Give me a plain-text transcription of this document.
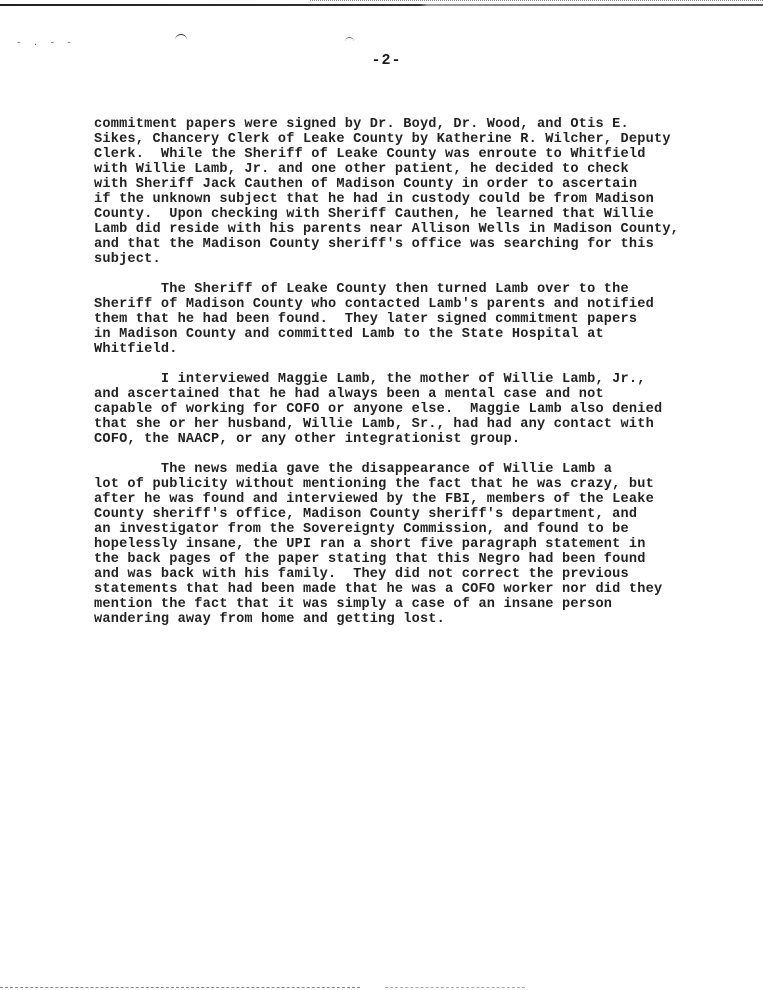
- . - -
-2-
commitment papers were signed by Dr. Boyd, Dr. Wood, and Otis E.
Sikes, Chancery Clerk of Leake County by Katherine R. Wilcher, Deputy
Clerk.  While the Sheriff of Leake County was enroute to Whitfield
with Willie Lamb, Jr. and one other patient, he decided to check
with Sheriff Jack Cauthen of Madison County in order to ascertain
if the unknown subject that he had in custody could be from Madison
County.  Upon checking with Sheriff Cauthen, he learned that Willie
Lamb did reside with his parents near Allison Wells in Madison County,
and that the Madison County sheriff's office was searching for this
subject.
The Sheriff of Leake County then turned Lamb over to the
Sheriff of Madison County who contacted Lamb's parents and notified
them that he had been found.  They later signed commitment papers
in Madison County and committed Lamb to the State Hospital at
Whitfield.
I interviewed Maggie Lamb, the mother of Willie Lamb, Jr.,
and ascertained that he had always been a mental case and not
capable of working for COFO or anyone else.  Maggie Lamb also denied
that she or her husband, Willie Lamb, Sr., had had any contact with
COFO, the NAACP, or any other integrationist group.
The news media gave the disappearance of Willie Lamb a
lot of publicity without mentioning the fact that he was crazy, but
after he was found and interviewed by the FBI, members of the Leake
County sheriff's office, Madison County sheriff's department, and
an investigator from the Sovereignty Commission, and found to be
hopelessly insane, the UPI ran a short five paragraph statement in
the back pages of the paper stating that this Negro had been found
and was back with his family.  They did not correct the previous
statements that had been made that he was a COFO worker nor did they
mention the fact that it was simply a case of an insane person
wandering away from home and getting lost.
